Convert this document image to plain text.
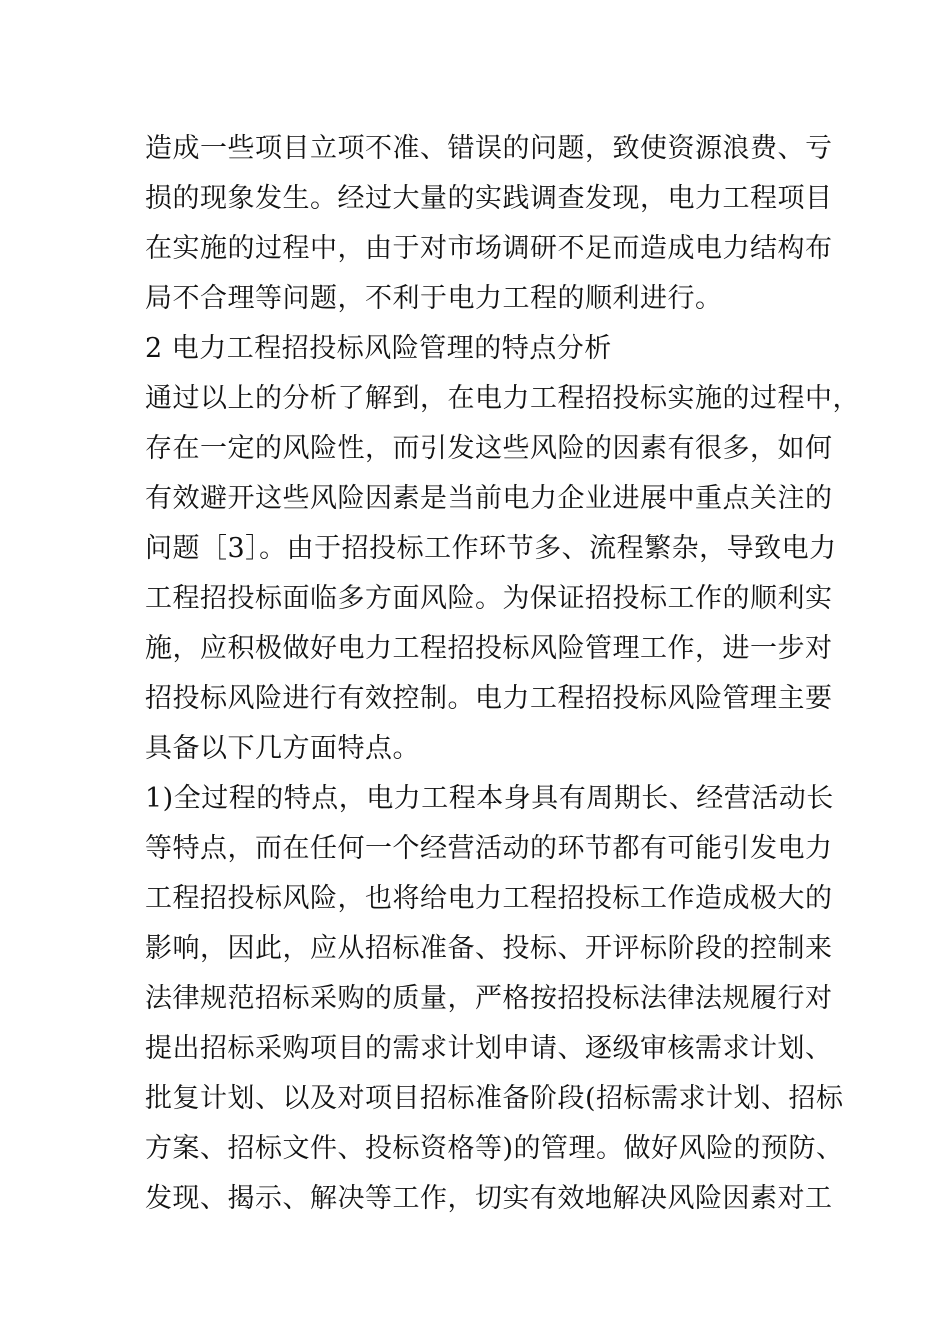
造成一些项目立项不准、错误的问题，致使资源浪费、亏
损的现象发生。经过大量的实践调查发现，电力工程项目
在实施的过程中，由于对市场调研不足而造成电力结构布
局不合理等问题，不利于电力工程的顺利进行。
2 电力工程招投标风险管理的特点分析
通过以上的分析了解到，在电力工程招投标实施的过程中，
存在一定的风险性，而引发这些风险的因素有很多，如何
有效避开这些风险因素是当前电力企业进展中重点关注的
问题［3］。由于招投标工作环节多、流程繁杂，导致电力
工程招投标面临多方面风险。为保证招投标工作的顺利实
施，应积极做好电力工程招投标风险管理工作，进一步对
招投标风险进行有效控制。电力工程招投标风险管理主要
具备以下几方面特点。
1)全过程的特点，电力工程本身具有周期长、经营活动长
等特点，而在任何一个经营活动的环节都有可能引发电力
工程招投标风险，也将给电力工程招投标工作造成极大的
影响，因此，应从招标准备、投标、开评标阶段的控制来
法律规范招标采购的质量，严格按招投标法律法规履行对
提出招标采购项目的需求计划申请、逐级审核需求计划、
批复计划、以及对项目招标准备阶段(招标需求计划、招标
方案、招标文件、投标资格等)的管理。做好风险的预防、
发现、揭示、解决等工作，切实有效地解决风险因素对工
